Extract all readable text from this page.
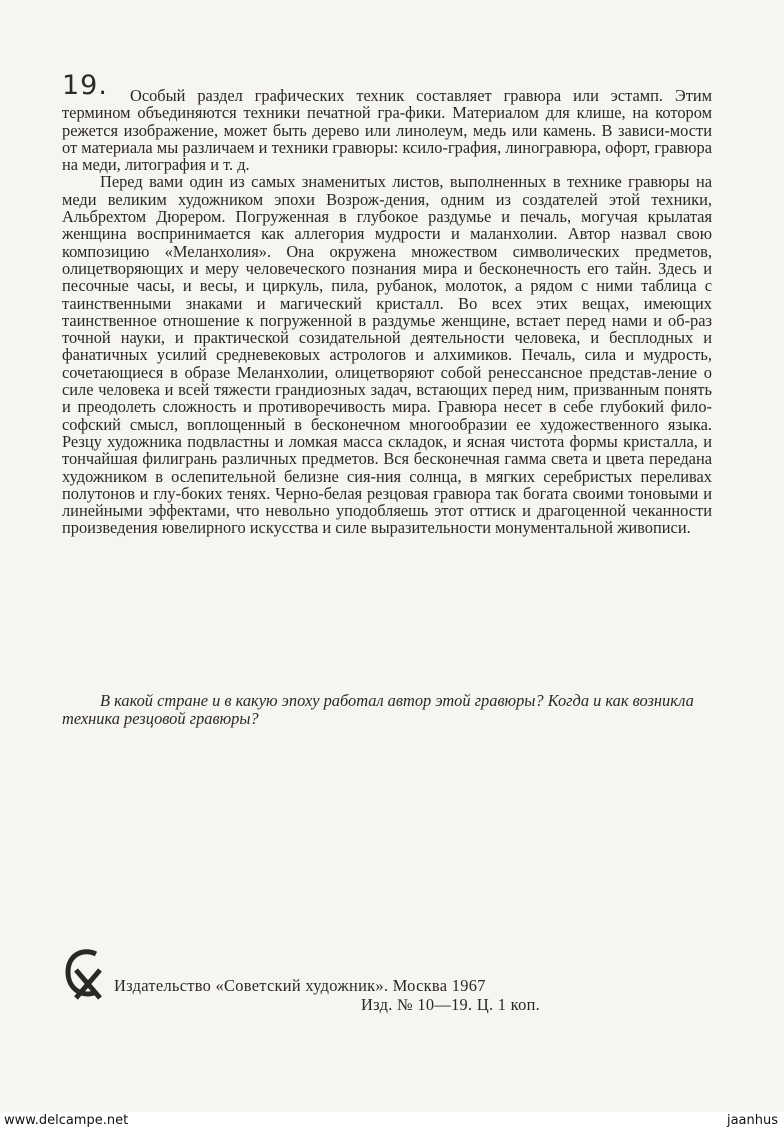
19.	Особый раздел графических техник составляет гравюра или эстамп. Этим термином объединяются техники печатной гра-фики. Материалом для клише, на котором режется изображение, может быть дерево или линолеум, медь или камень. В зависи-мости от материала мы различаем и техники гравюры: ксило-графия, линогравюра, офорт, гравюра на меди, литография и т. д.

Перед вами один из самых знаменитых листов, выполненных в технике гравюры на меди великим художником эпохи Возрож-дения, одним из создателей этой техники, Альбрехтом Дюрером. Погруженная в глубокое раздумье и печаль, могучая крылатая женщина воспринимается как аллегория мудрости и маланхолии. Автор назвал свою композицию «Меланхолия». Она окружена множеством символических предметов, олицетворяющих и меру человеческого познания мира и бесконечность его тайн. Здесь и песочные часы, и весы, и циркуль, пила, рубанок, молоток, а рядом с ними таблица с таинственными знаками и магический кристалл. Во всех этих вещах, имеющих таинственное отношение к погруженной в раздумье женщине, встает перед нами и об-раз точной науки, и практической созидательной деятельности человека, и бесплодных и фанатичных усилий средневековых астрологов и алхимиков. Печаль, сила и мудрость, сочетающиеся в образе Меланхолии, олицетворяют собой ренессансное представ-ление о силе человека и всей тяжести грандиозных задач, встающих перед ним, призванным понять и преодолеть сложность и противоречивость мира. Гравюра несет в себе глубокий фило-софский смысл, воплощенный в бесконечном многообразии ее художественного языка. Резцу художника подвластны и ломкая масса складок, и ясная чистота формы кристалла, и тончайшая филигрань различных предметов. Вся бесконечная гамма света и цвета передана художником в ослепительной белизне сия-ния солнца, в мягких серебристых переливах полутонов и глу-боких тенях. Черно-белая резцовая гравюра так богата своими тоновыми и линейными эффектами, что невольно уподобляешь этот оттиск и драгоценной чеканности произведения ювелирного искусства и силе выразительности монументальной живописи.

В какой стране и в какую эпоху работал автор этой гравюры? Когда и как возникла техника резцовой гравюры?
Издательство «Советский художник». Москва 1967
Изд. № 10—19. Ц. 1 коп.
www.delcampe.net	jaanhus
